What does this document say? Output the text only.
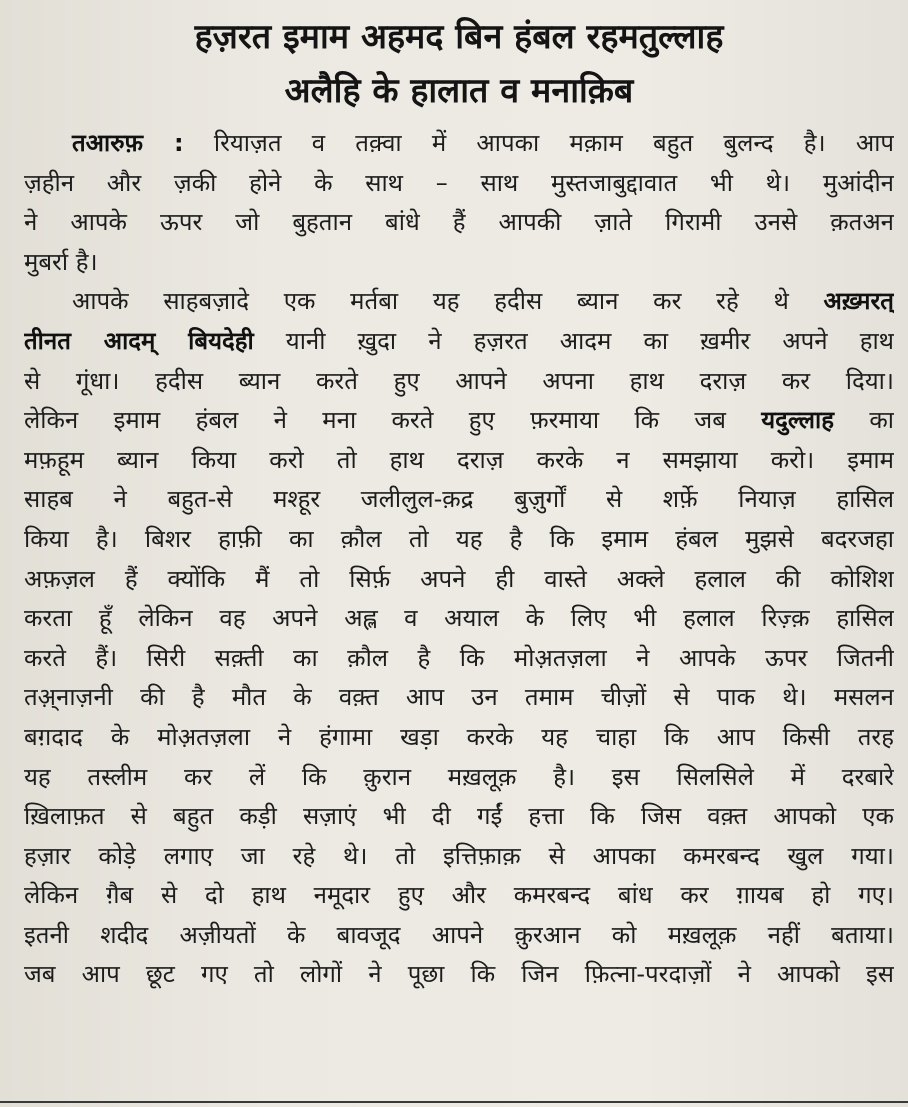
हज़रत इमाम अहमद बिन हंबल रहमतुल्लाह
अलैहि के हालात व मनाक़िब
तआरुफ़ : रियाज़त व तक़्वा में आपका मक़ाम बहुत बुलन्द है। आप
ज़हीन और ज़की होने के साथ – साथ मुस्तजाबुद्दावात भी थे। मुआंदीन
ने आपके ऊपर जो बुहतान बांधे हैं आपकी ज़ाते गिरामी उनसे क़तअन
मुबर्रा है।
आपके साहबज़ादे एक मर्तबा यह हदीस ब्यान कर रहे थे अख़्मरत्
तीनत आदम् बियदेही यानी ख़ुदा ने हज़रत आदम का ख़मीर अपने हाथ
से गूंधा। हदीस ब्यान करते हुए आपने अपना हाथ दराज़ कर दिया।
लेकिन इमाम हंबल ने मना करते हुए फ़रमाया कि जब यदुल्लाह का
मफ़हूम ब्यान किया करो तो हाथ दराज़ करके न समझाया करो। इमाम
साहब ने बहुत-से मश्हूर जलीलुल-क़द्र बुज़ुर्गों से शर्फ़े नियाज़ हासिल
किया है। बिशर हाफ़ी का क़ौल तो यह है कि इमाम हंबल मुझसे बदरजहा
अफ़ज़ल हैं क्योंकि मैं तो सिर्फ़ अपने ही वास्ते अक्ले हलाल की कोशिश
करता हूँ लेकिन वह अपने अह्ल व अयाल के लिए भी हलाल रिज़्क़ हासिल
करते हैं। सिरी सक़्ती का क़ौल है कि मोअ़तज़ला ने आपके ऊपर जितनी
तअ़्नाज़नी की है मौत के वक़्त आप उन तमाम चीज़ों से पाक थे। मसलन
बग़दाद के मोअ़तज़ला ने हंगामा खड़ा करके यह चाहा कि आप किसी तरह
यह तस्लीम कर लें कि क़ुरान मख़लूक़ है। इस सिलसिले में दरबारे
ख़िलाफ़त से बहुत कड़ी सज़ाएं भी दी गईं हत्ता कि जिस वक़्त आपको एक
हज़ार कोड़े लगाए जा रहे थे। तो इत्तिफ़ाक़ से आपका कमरबन्द खुल गया।
लेकिन ग़ैब से दो हाथ नमूदार हुए और कमरबन्द बांध कर ग़ायब हो गए।
इतनी शदीद अज़ीयतों के बावजूद आपने क़ुरआन को मख़लूक़ नहीं बताया।
जब आप छूट गए तो लोगों ने पूछा कि जिन फ़ित्ना-परदाज़ों ने आपको इस
